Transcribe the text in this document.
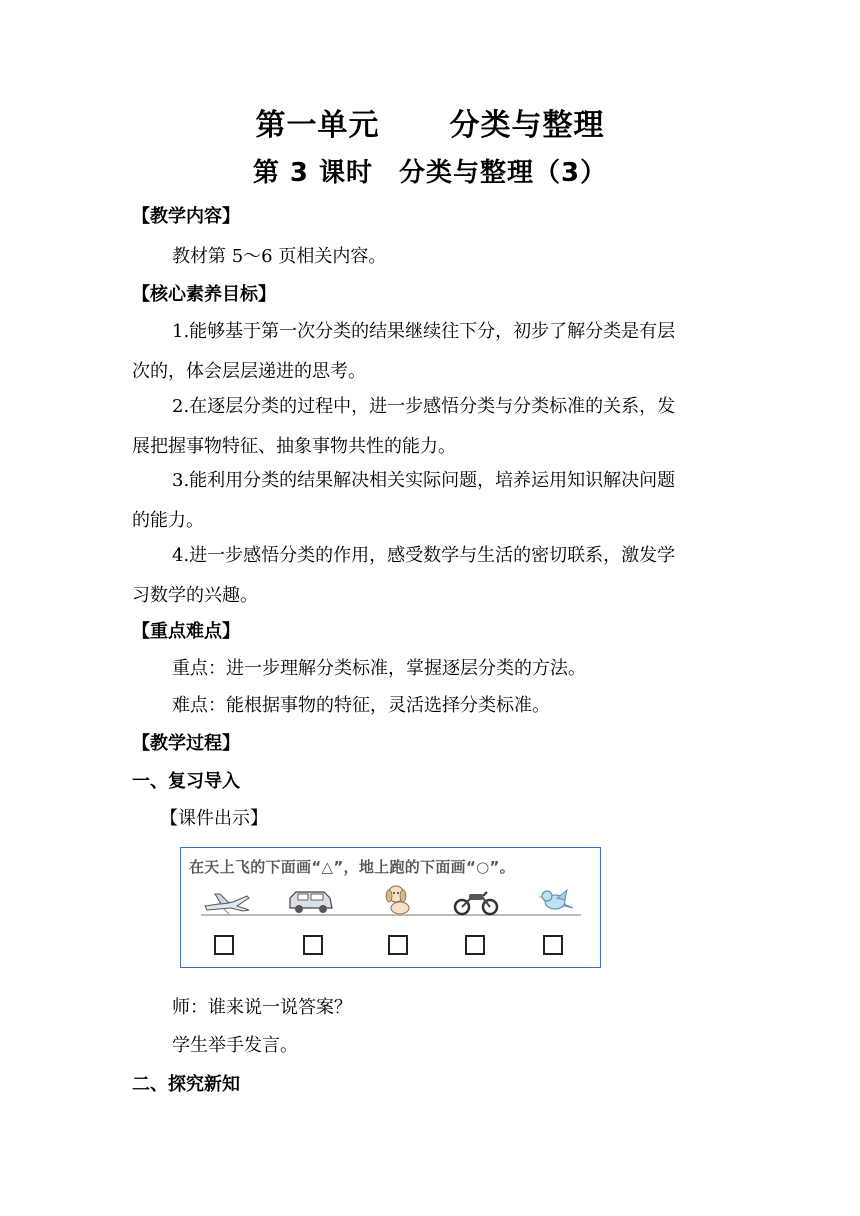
第一单元 分类与整理
第 3 课时 分类与整理（3）
【教学内容】
教材第 5～6 页相关内容。
【核心素养目标】
1.能够基于第一次分类的结果继续往下分，初步了解分类是有层
次的，体会层层递进的思考。
2.在逐层分类的过程中，进一步感悟分类与分类标准的关系，发
展把握事物特征、抽象事物共性的能力。
3.能利用分类的结果解决相关实际问题，培养运用知识解决问题
的能力。
4.进一步感悟分类的作用，感受数学与生活的密切联系，激发学
习数学的兴趣。
【重点难点】
重点：进一步理解分类标准，掌握逐层分类的方法。
难点：能根据事物的特征，灵活选择分类标准。
【教学过程】
一、复习导入
【课件出示】
在天上飞的下面画“△”，地上跑的下面画“○”。
师：谁来说一说答案？
学生举手发言。
二、探究新知
